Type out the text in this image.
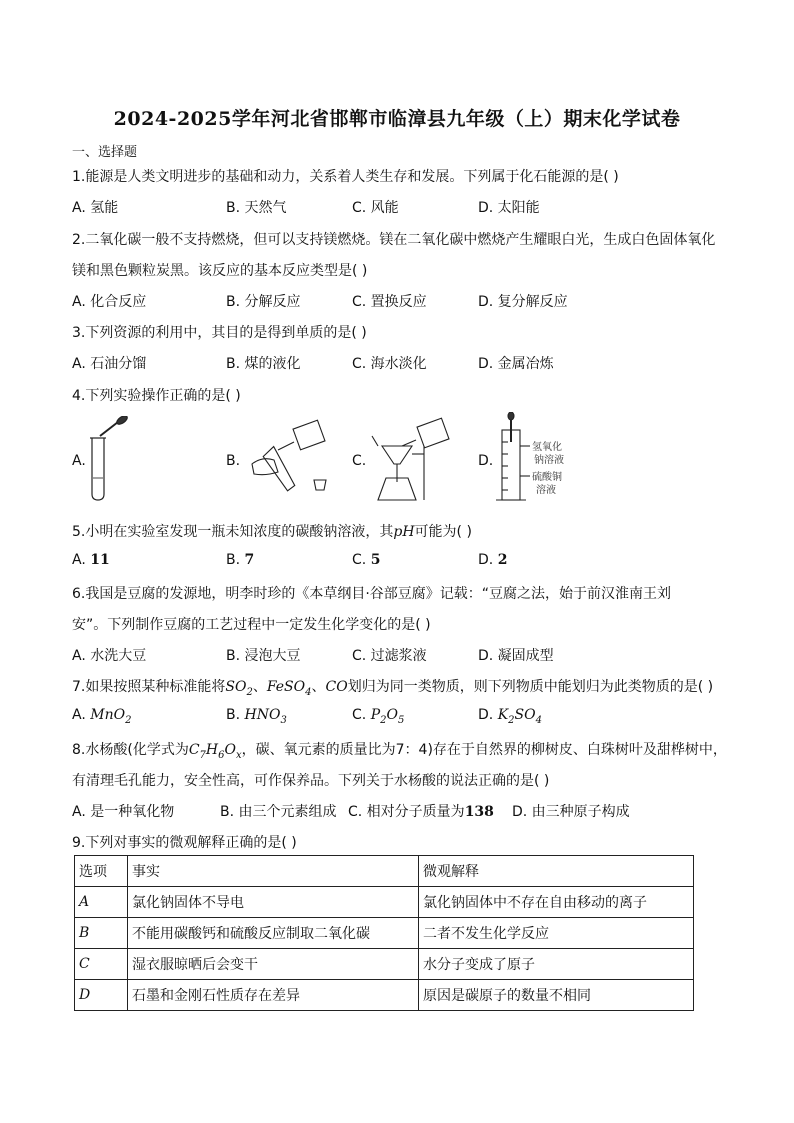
2024-2025学年河北省邯郸市临漳县九年级（上）期末化学试卷
一、选择题
1.能源是人类文明进步的基础和动力，关系着人类生存和发展。下列属于化石能源的是( )
A. 氢能	B. 天然气	C. 风能	D. 太阳能
2.二氧化碳一般不支持燃烧，但可以支持镁燃烧。镁在二氧化碳中燃烧产生耀眼白光，生成白色固体氧化
镁和黑色颗粒炭黑。该反应的基本反应类型是( )
A. 化合反应	B. 分解反应	C. 置换反应	D. 复分解反应
3.下列资源的利用中，其目的是得到单质的是( )
A. 石油分馏	B. 煤的液化	C. 海水淡化	D. 金属冶炼
4.下列实验操作正确的是( )
A.	B.	C.	D.
氢氧化
钠溶液
硫酸铜
溶液
5.小明在实验室发现一瓶未知浓度的碳酸钠溶液，其pH可能为( )
A. 11	B. 7	C. 5	D. 2
6.我国是豆腐的发源地，明李时珍的《本草纲目·谷部豆腐》记载：“豆腐之法，始于前汉淮南王刘
安”。下列制作豆腐的工艺过程中一定发生化学变化的是( )
A. 水洗大豆	B. 浸泡大豆	C. 过滤浆液	D. 凝固成型
7.如果按照某种标准能将$SO_2$、FeSO$_4$、CO划归为同一类物质，则下列物质中能划归为此类物质的是( )
A. MnO$_2$	B. $HNO_3$	C. $P_2O_5$	D. $K_2SO_4$
8.水杨酸(化学式为$C_7H_6O_x$，碳、氧元素的质量比为7：4)存在于自然界的柳树皮、白珠树叶及甜桦树中，
有清理毛孔能力，安全性高，可作保养品。下列关于水杨酸的说法正确的是( )
A. 是一种氧化物	B. 由三个元素组成 C. 相对分子质量为138 D. 由三种原子构成
9.下列对事实的微观解释正确的是( )
选项	事实	微观解释
A	氯化钠固体不导电	氯化钠固体中不存在自由移动的离子
B	不能用碳酸钙和硫酸反应制取二氧化碳	二者不发生化学反应
C	湿衣服晾晒后会变干	水分子变成了原子
D	石墨和金刚石性质存在差异	原因是碳原子的数量不相同
